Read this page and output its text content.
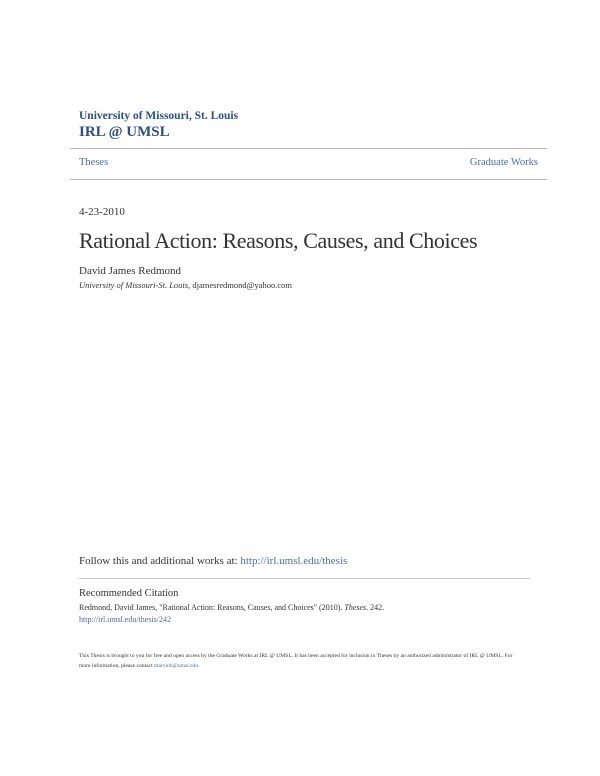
University of Missouri, St. Louis
IRL @ UMSL
Theses	Graduate Works
4-23-2010
Rational Action: Reasons, Causes, and Choices
David James Redmond
University of Missouri-St. Louis, djamesredmond@yahoo.com
Follow this and additional works at: http://irl.umsl.edu/thesis
Recommended Citation
Redmond, David James, "Rational Action: Reasons, Causes, and Choices" (2010). Theses. 242.
http://irl.umsl.edu/thesis/242
This Thesis is brought to you for free and open access by the Graduate Works at IRL @ UMSL. It has been accepted for inclusion in Theses by an authorized administrator of IRL @ UMSL. For more information, please contact marvinh@umsl.edu.
